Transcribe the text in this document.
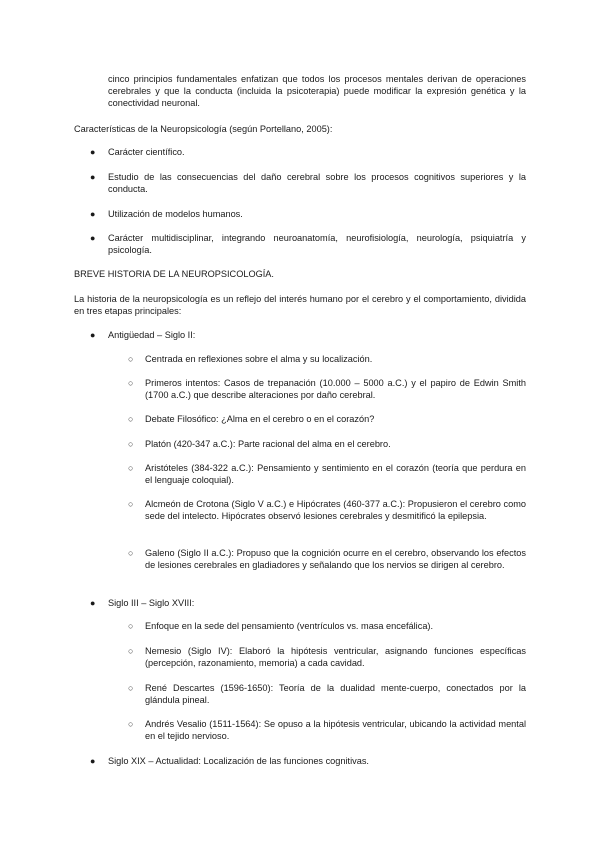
cinco principios fundamentales enfatizan que todos los procesos mentales derivan de operaciones cerebrales y que la conducta (incluida la psicoterapia) puede modificar la expresión genética y la conectividad neuronal.
Características de la Neuropsicología (según Portellano, 2005):
● Carácter científico.
● Estudio de las consecuencias del daño cerebral sobre los procesos cognitivos superiores y la conducta.
● Utilización de modelos humanos.
● Carácter multidisciplinar, integrando neuroanatomía, neurofisiología, neurología, psiquiatría y psicología.
BREVE HISTORIA DE LA NEUROPSICOLOGÍA.
La historia de la neuropsicología es un reflejo del interés humano por el cerebro y el comportamiento, dividida en tres etapas principales:
● Antigüedad – Siglo II:
○ Centrada en reflexiones sobre el alma y su localización.
○ Primeros intentos: Casos de trepanación (10.000 – 5000 a.C.) y el papiro de Edwin Smith (1700 a.C.) que describe alteraciones por daño cerebral.
○ Debate Filosófico: ¿Alma en el cerebro o en el corazón?
○ Platón (420-347 a.C.): Parte racional del alma en el cerebro.
○ Aristóteles (384-322 a.C.): Pensamiento y sentimiento en el corazón (teoría que perdura en el lenguaje coloquial).
○ Alcmeón de Crotona (Siglo V a.C.) e Hipócrates (460-377 a.C.): Propusieron el cerebro como sede del intelecto. Hipócrates observó lesiones cerebrales y desmitificó la epilepsia.
○ Galeno (Siglo II a.C.): Propuso que la cognición ocurre en el cerebro, observando los efectos de lesiones cerebrales en gladiadores y señalando que los nervios se dirigen al cerebro.
● Siglo III – Siglo XVIII:
○ Enfoque en la sede del pensamiento (ventrículos vs. masa encefálica).
○ Nemesio (Siglo IV): Elaboró la hipótesis ventricular, asignando funciones específicas (percepción, razonamiento, memoria) a cada cavidad.
○ René Descartes (1596-1650): Teoría de la dualidad mente-cuerpo, conectados por la glándula pineal.
○ Andrés Vesalio (1511-1564): Se opuso a la hipótesis ventricular, ubicando la actividad mental en el tejido nervioso.
● Siglo XIX – Actualidad: Localización de las funciones cognitivas.
